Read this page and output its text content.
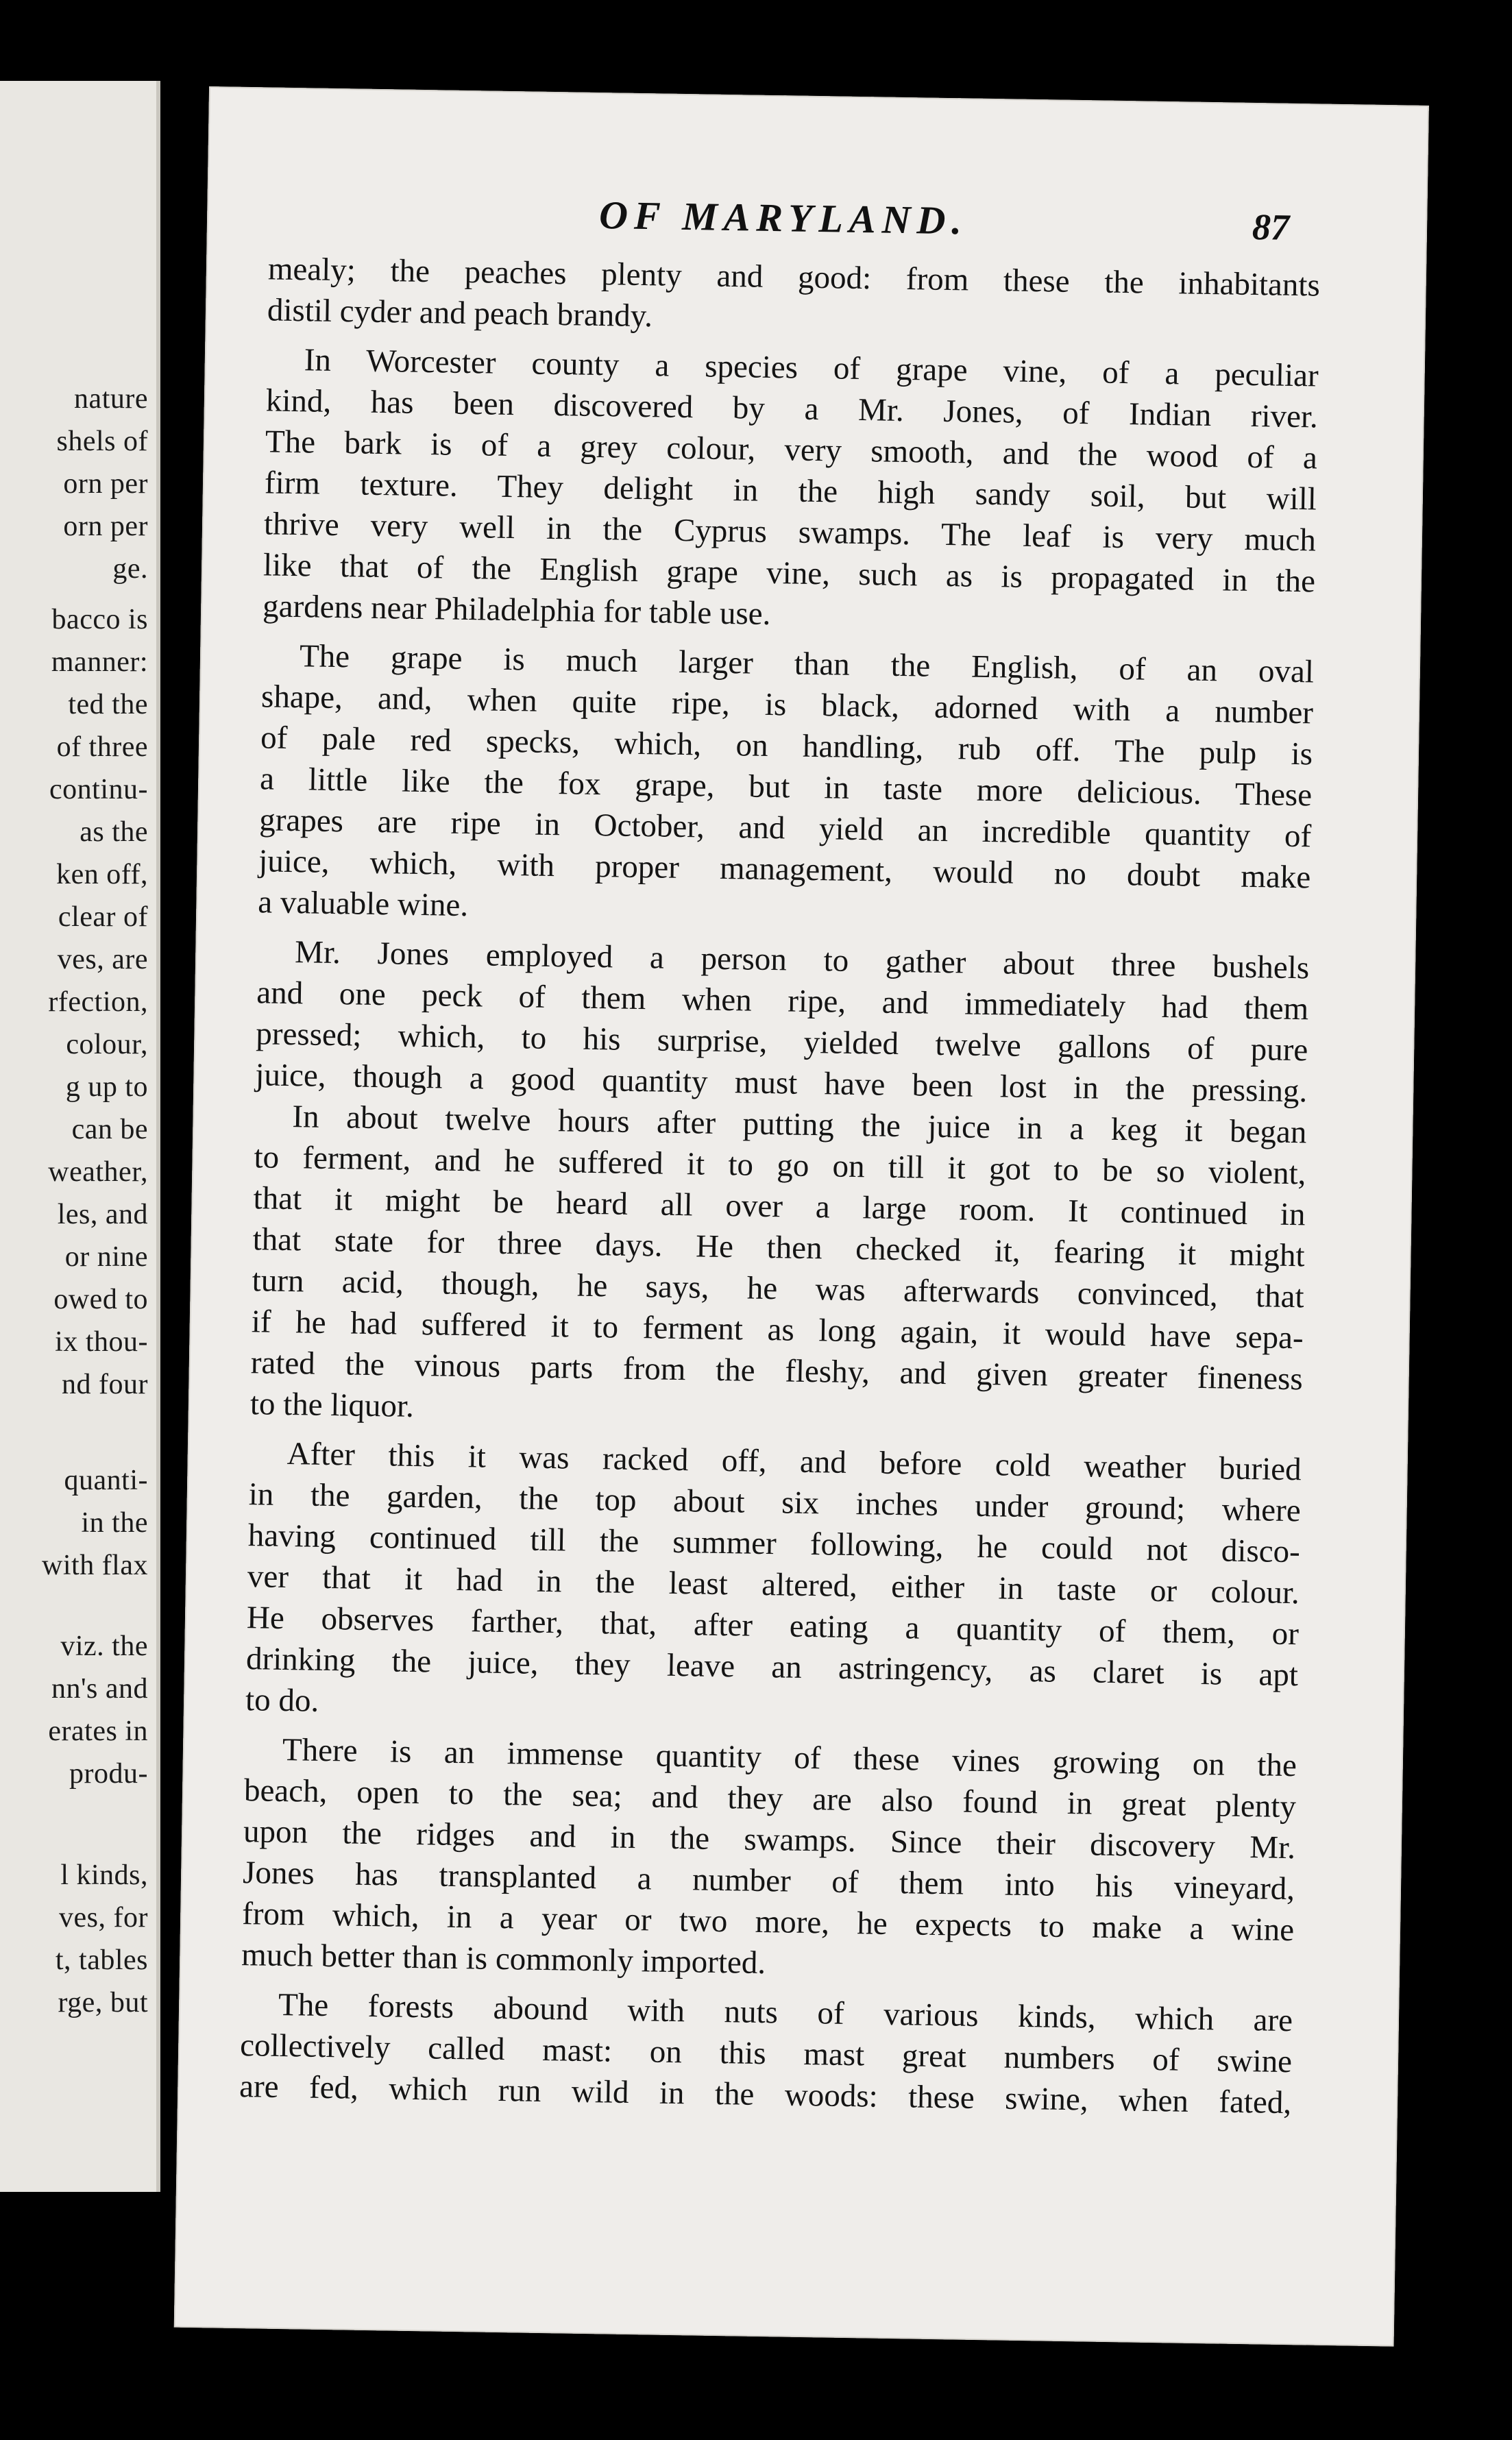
nature
shels of
orn per
orn per
ge.
bacco is
manner:
ted the
of three
continu-
as the
ken off,
clear of
ves, are
rfection,
colour,
g up to
can be
weather,
les, and
or nine
owed to
ix thou-
nd four
quanti-
in the
with flax
viz. the
nn's and
erates in
produ-
l kinds,
ves, for
t, tables
rge, but
OF MARYLAND.	87
mealy; the peaches plenty and good: from these the inhabitants
distil cyder and peach brandy.
In Worcester county a species of grape vine, of a peculiar
kind, has been discovered by a Mr. Jones, of Indian river.
The bark is of a grey colour, very smooth, and the wood of a
firm texture. They delight in the high sandy soil, but will
thrive very well in the Cyprus swamps. The leaf is very much
like that of the English grape vine, such as is propagated in the
gardens near Philadelphia for table use.
The grape is much larger than the English, of an oval
shape, and, when quite ripe, is black, adorned with a number
of pale red specks, which, on handling, rub off. The pulp is
a little like the fox grape, but in taste more delicious. These
grapes are ripe in October, and yield an incredible quantity of
juice, which, with proper management, would no doubt make
a valuable wine.
Mr. Jones employed a person to gather about three bushels
and one peck of them when ripe, and immediately had them
pressed; which, to his surprise, yielded twelve gallons of pure
juice, though a good quantity must have been lost in the pressing.
In about twelve hours after putting the juice in a keg it began
to ferment, and he suffered it to go on till it got to be so violent,
that it might be heard all over a large room. It continued in
that state for three days. He then checked it, fearing it might
turn acid, though, he says, he was afterwards convinced, that
if he had suffered it to ferment as long again, it would have sepa-
rated the vinous parts from the fleshy, and given greater fineness
to the liquor.
After this it was racked off, and before cold weather buried
in the garden, the top about six inches under ground; where
having continued till the summer following, he could not disco-
ver that it had in the least altered, either in taste or colour.
He observes farther, that, after eating a quantity of them, or
drinking the juice, they leave an astringency, as claret is apt
to do.
There is an immense quantity of these vines growing on the
beach, open to the sea; and they are also found in great plenty
upon the ridges and in the swamps. Since their discovery Mr.
Jones has transplanted a number of them into his vineyard,
from which, in a year or two more, he expects to make a wine
much better than is commonly imported.
The forests abound with nuts of various kinds, which are
collectively called mast: on this mast great numbers of swine
are fed, which run wild in the woods: these swine, when fated,
